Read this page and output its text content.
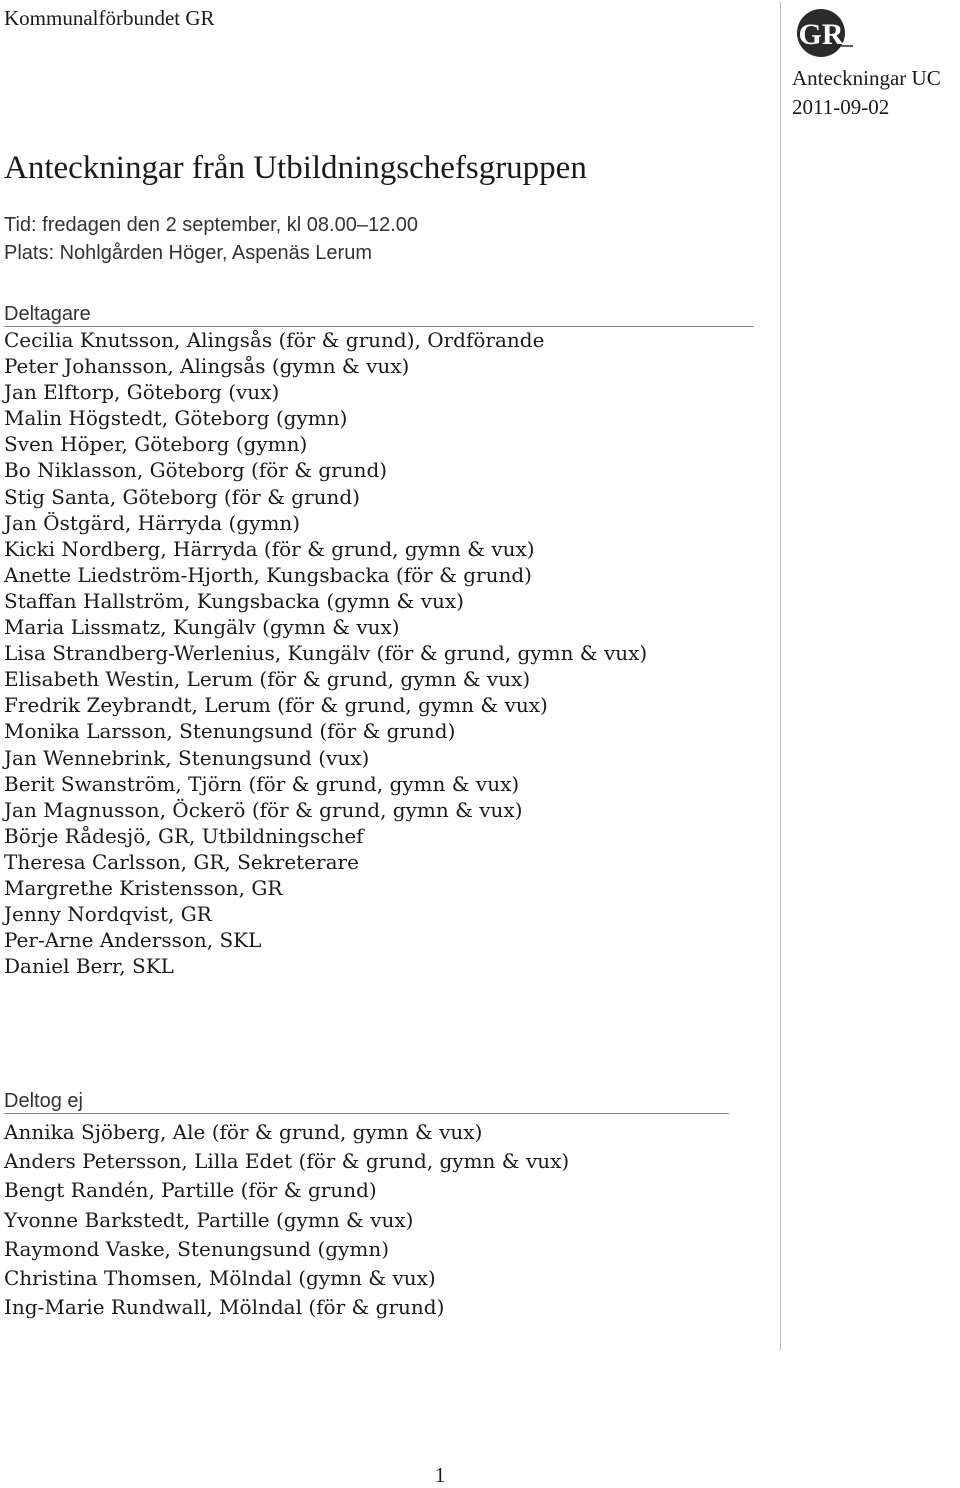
Kommunalförbundet GR	GR
Anteckningar UC
2011-09-02
Anteckningar från Utbildningschefsgruppen
Tid: fredagen den 2 september, kl 08.00–12.00
Plats: Nohlgården Höger, Aspenäs Lerum
Deltagare
Cecilia Knutsson, Alingsås (för & grund), Ordförande
Peter Johansson, Alingsås (gymn & vux)
Jan Elftorp, Göteborg (vux)
Malin Högstedt, Göteborg (gymn)
Sven Höper, Göteborg (gymn)
Bo Niklasson, Göteborg (för & grund)
Stig Santa, Göteborg (för & grund)
Jan Östgärd, Härryda (gymn)
Kicki Nordberg, Härryda (för & grund, gymn & vux)
Anette Liedström-Hjorth, Kungsbacka (för & grund)
Staffan Hallström, Kungsbacka (gymn & vux)
Maria Lissmatz, Kungälv (gymn & vux)
Lisa Strandberg-Werlenius, Kungälv (för & grund, gymn & vux)
Elisabeth Westin, Lerum (för & grund, gymn & vux)
Fredrik Zeybrandt, Lerum (för & grund, gymn & vux)
Monika Larsson, Stenungsund (för & grund)
Jan Wennebrink, Stenungsund (vux)
Berit Swanström, Tjörn (för & grund, gymn & vux)
Jan Magnusson, Öckerö (för & grund, gymn & vux)
Börje Rådesjö, GR, Utbildningschef
Theresa Carlsson, GR, Sekreterare
Margrethe Kristensson, GR
Jenny Nordqvist, GR
Per-Arne Andersson, SKL
Daniel Berr, SKL
Deltog ej
Annika Sjöberg, Ale (för & grund, gymn & vux)
Anders Petersson, Lilla Edet (för & grund, gymn & vux)
Bengt Randén, Partille (för & grund)
Yvonne Barkstedt, Partille (gymn & vux)
Raymond Vaske, Stenungsund (gymn)
Christina Thomsen, Mölndal (gymn & vux)
Ing-Marie Rundwall, Mölndal (för & grund)
1
